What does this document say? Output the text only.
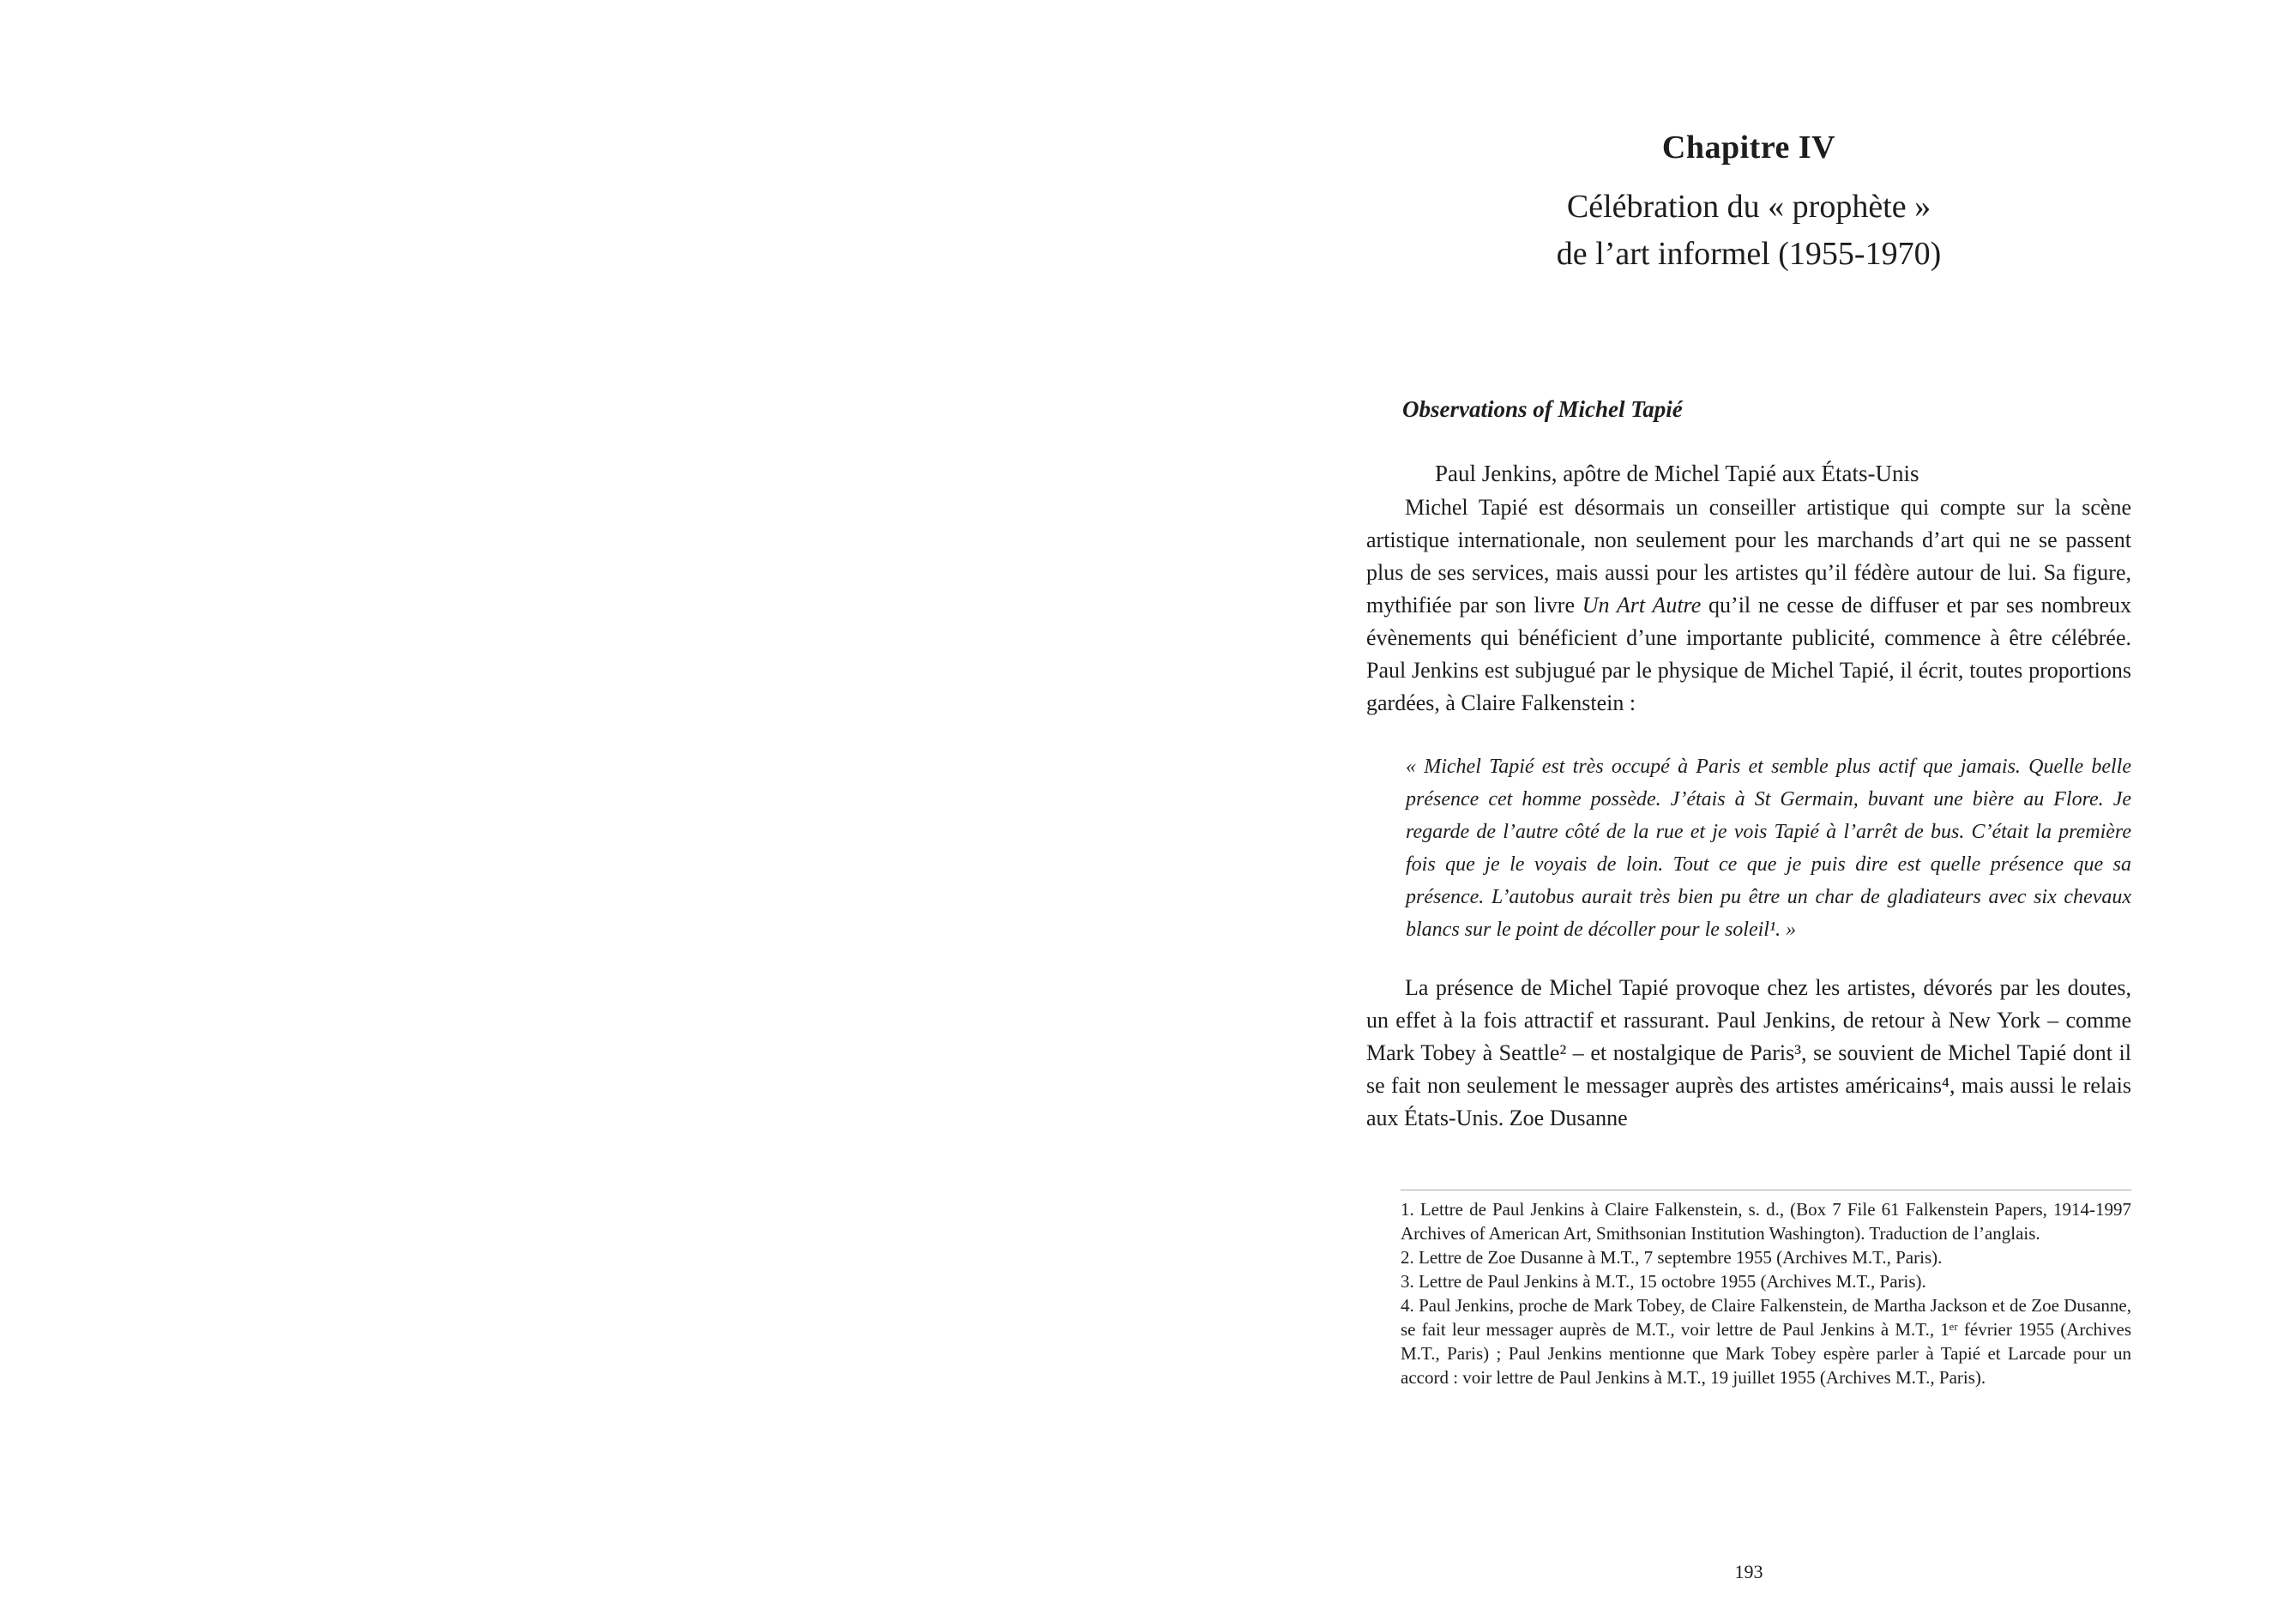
Chapitre IV
Célébration du « prophète »
de l’art informel (1955-1970)
Observations of Michel Tapié

Paul Jenkins, apôtre de Michel Tapié aux États-Unis

Michel Tapié est désormais un conseiller artistique qui compte sur la scène artistique internationale, non seulement pour les marchands d’art qui ne se passent plus de ses services, mais aussi pour les artistes qu’il fédère autour de lui. Sa figure, mythifiée par son livre Un Art Autre qu’il ne cesse de diffuser et par ses nombreux évènements qui bénéficient d’une importante publicité, commence à être célébrée. Paul Jenkins est subjugué par le physique de Michel Tapié, il écrit, toutes proportions gardées, à Claire Falkenstein :

« Michel Tapié est très occupé à Paris et semble plus actif que jamais. Quelle belle présence cet homme possède. J’étais à St Germain, buvant une bière au Flore. Je regarde de l’autre côté de la rue et je vois Tapié à l’arrêt de bus. C’était la première fois que je le voyais de loin. Tout ce que je puis dire est quelle présence que sa présence. L’autobus aurait très bien pu être un char de gladiateurs avec six chevaux blancs sur le point de décoller pour le soleil¹. »

La présence de Michel Tapié provoque chez les artistes, dévorés par les doutes, un effet à la fois attractif et rassurant. Paul Jenkins, de retour à New York – comme Mark Tobey à Seattle² – et nostalgique de Paris³, se souvient de Michel Tapié dont il se fait non seulement le messager auprès des artistes américains⁴, mais aussi le relais aux États-Unis. Zoe Dusanne

1. Lettre de Paul Jenkins à Claire Falkenstein, s. d., (Box 7 File 61 Falkenstein Papers, 1914-1997 Archives of American Art, Smithsonian Institution Washington). Traduction de l’anglais.

2. Lettre de Zoe Dusanne à M.T., 7 septembre 1955 (Archives M.T., Paris).

3. Lettre de Paul Jenkins à M.T., 15 octobre 1955 (Archives M.T., Paris).

4. Paul Jenkins, proche de Mark Tobey, de Claire Falkenstein, de Martha Jackson et de Zoe Dusanne, se fait leur messager auprès de M.T., voir lettre de Paul Jenkins à M.T., 1ᵉʳ février 1955 (Archives M.T., Paris) ; Paul Jenkins mentionne que Mark Tobey espère parler à Tapié et Larcade pour un accord : voir lettre de Paul Jenkins à M.T., 19 juillet 1955 (Archives M.T., Paris).

193
